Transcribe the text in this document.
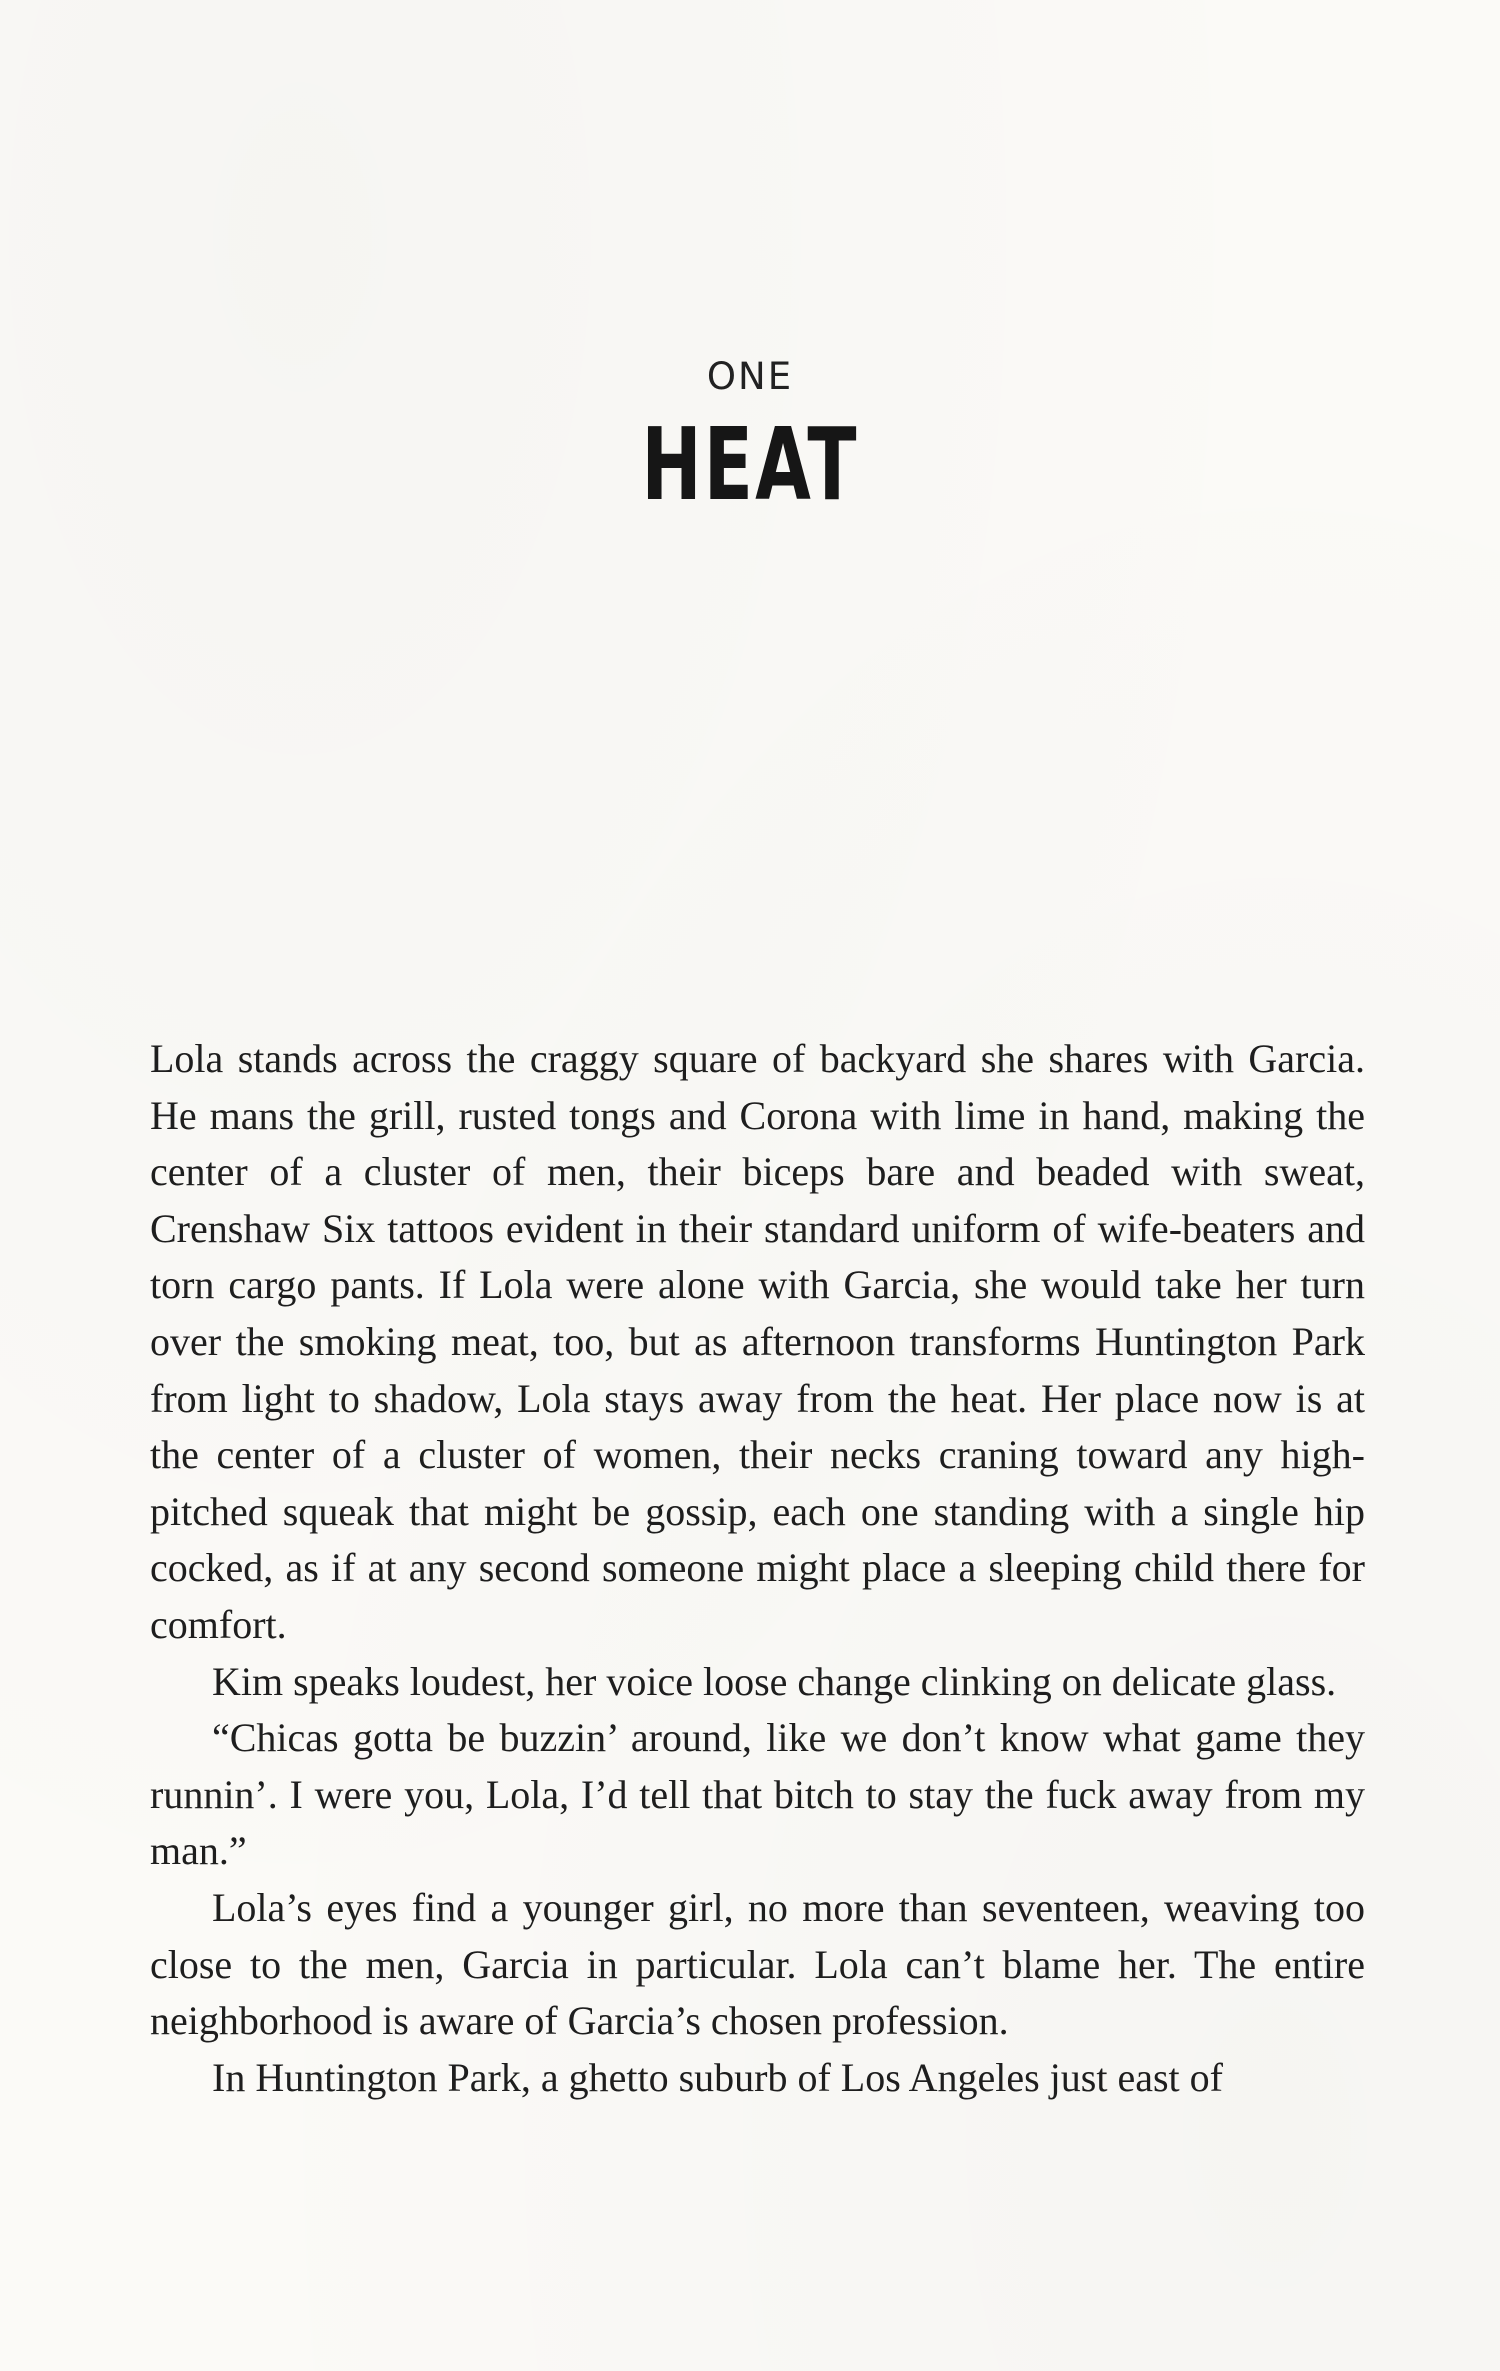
ONE
HEAT

Lola stands across the craggy square of backyard she shares with Garcia. He mans the grill, rusted tongs and Corona with lime in hand, making the center of a cluster of men, their biceps bare and beaded with sweat, Crenshaw Six tattoos evident in their standard uniform of wife-beaters and torn cargo pants. If Lola were alone with Garcia, she would take her turn over the smoking meat, too, but as afternoon transforms Huntington Park from light to shadow, Lola stays away from the heat. Her place now is at the center of a cluster of women, their necks craning toward any high-pitched squeak that might be gossip, each one standing with a single hip cocked, as if at any second someone might place a sleeping child there for comfort.

Kim speaks loudest, her voice loose change clinking on delicate glass.

“Chicas gotta be buzzin’ around, like we don’t know what game they runnin’. I were you, Lola, I’d tell that bitch to stay the fuck away from my man.”

Lola’s eyes find a younger girl, no more than seventeen, weaving too close to the men, Garcia in particular. Lola can’t blame her. The entire neighborhood is aware of Garcia’s chosen profession.

In Huntington Park, a ghetto suburb of Los Angeles just east of
